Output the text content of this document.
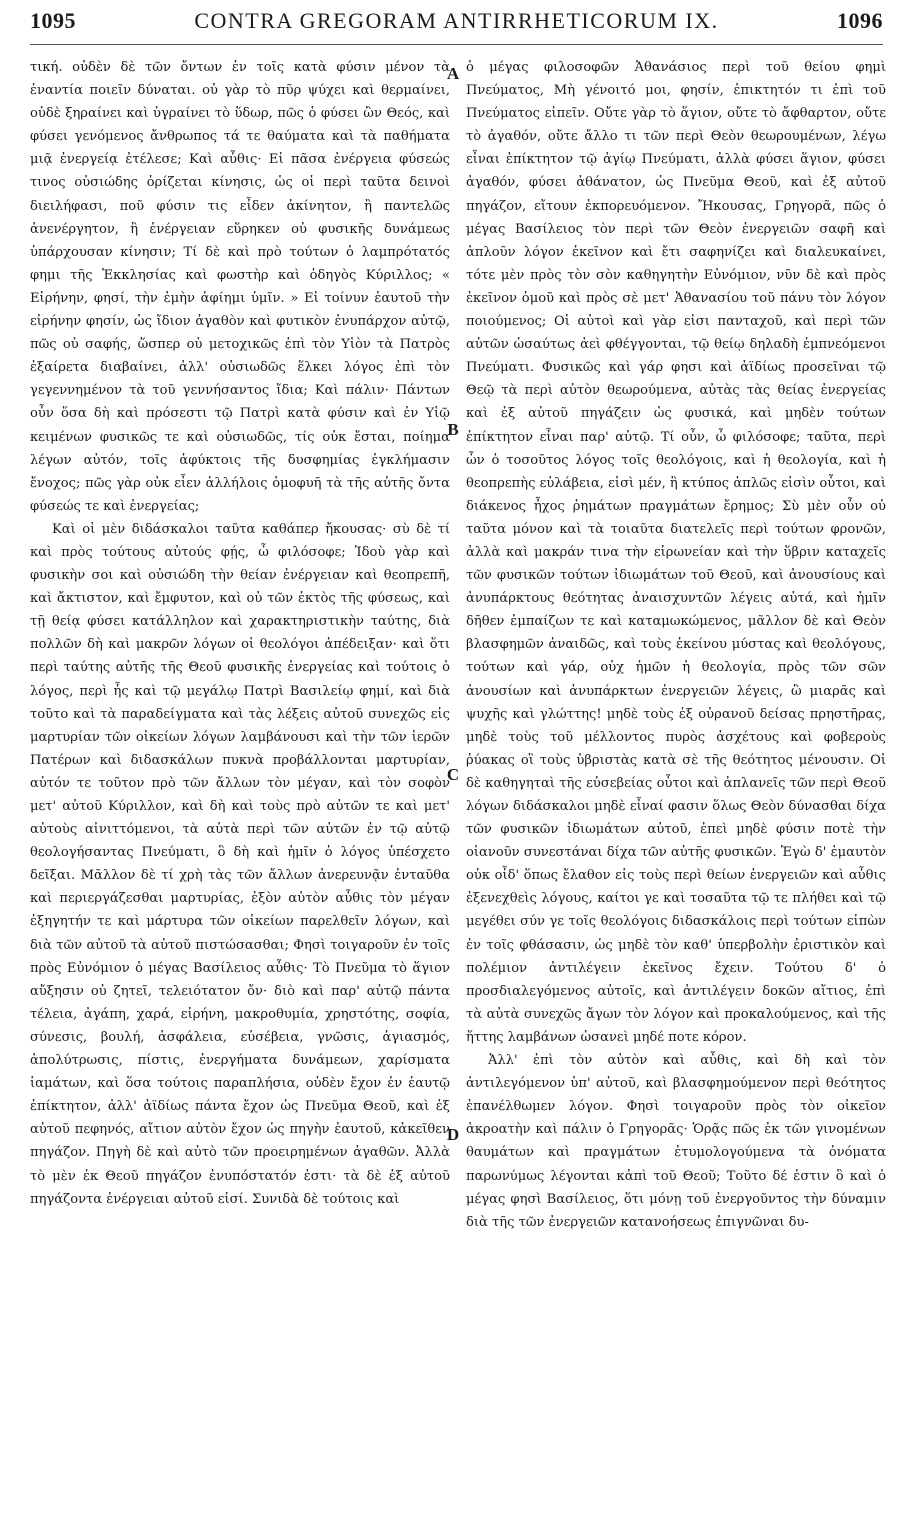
1095	CONTRA GREGORAM ANTIRRHETICORUM IX.	1096

τική. οὐδὲν δὲ τῶν ὄντων ἐν τοῖς κατὰ φύσιν μένον τὰ ἐναντία ποιεῖν δύναται. οὐ γὰρ τὸ πῦρ ψύχει καὶ θερμαίνει, οὐδὲ ξηραίνει καὶ ὑγραίνει τὸ ὕδωρ, πῶς ὁ φύσει ὢν Θεός, καὶ φύσει γενόμενος ἄνθρωπος τά τε θαύματα καὶ τὰ παθήματα μιᾷ ἐνεργείᾳ ἐτέλεσε; Καὶ αὖθις· Εἰ πᾶσα ἐνέργεια φύσεώς τινος οὐσιώδης ὁρίζεται κίνησις, ὡς οἱ περὶ ταῦτα δεινοὶ διειλήφασι, ποῦ φύσιν τις εἶδεν ἀκίνητον, ἢ παντελῶς ἀνενέργητον, ἢ ἐνέργειαν εὕρηκεν οὐ φυσικῆς δυνάμεως ὑπάρχουσαν κίνησιν; Τί δὲ καὶ πρὸ τούτων ὁ λαμπρότατός φημι τῆς Ἐκκλησίας καὶ φωστὴρ καὶ ὁδηγὸς Κύριλλος; « Εἰρήνην, φησί, τὴν ἐμὴν ἀφίημι ὑμῖν. » Εἰ τοίνυν ἑαυτοῦ τὴν εἰρήνην φησίν, ὡς ἴδιον ἀγαθὸν καὶ φυτικὸν ἐνυπάρχον αὐτῷ, πῶς οὐ σαφής, ὥσπερ οὐ μετοχικῶς ἐπὶ τὸν Υἱὸν τὰ Πατρὸς ἐξαίρετα διαβαίνει, ἀλλ' οὐσιωδῶς ἕλκει λόγος ἐπὶ τὸν γεγεννημένον τὰ τοῦ γεννήσαντος ἴδια; Καὶ πάλιν· Πάντων οὖν ὅσα δὴ καὶ πρόσεστι τῷ Πατρὶ κατὰ φύσιν καὶ ἐν Υἱῷ κειμένων φυσικῶς τε καὶ οὐσιωδῶς, τίς οὐκ ἔσται, ποίημα λέγων αὐτόν, τοῖς ἀφύκτοις τῆς δυσφημίας ἐγκλήμασιν ἔνοχος; πῶς γὰρ οὐκ εἶεν ἀλλήλοις ὁμοφυῆ τὰ τῆς αὐτῆς ὄντα φύσεώς τε καὶ ἐνεργείας;

Καὶ οἱ μὲν διδάσκαλοι ταῦτα καθάπερ ἤκουσας· σὺ δὲ τί καὶ πρὸς τούτους αὐτούς φῄς, ὦ φιλόσοφε; Ἰδοὺ γὰρ καὶ φυσικὴν σοι καὶ οὐσιώδη τὴν θείαν ἐνέργειαν καὶ θεοπρεπῆ, καὶ ἄκτιστον, καὶ ἔμφυτον, καὶ οὐ τῶν ἐκτὸς τῆς φύσεως, καὶ τῇ θείᾳ φύσει κατάλληλον καὶ χαρακτηριστικὴν ταύτης, διὰ πολλῶν δὴ καὶ μακρῶν λόγων οἱ θεολόγοι ἀπέδειξαν· καὶ ὅτι περὶ ταύτης αὐτῆς τῆς Θεοῦ φυσικῆς ἐνεργείας καὶ τούτοις ὁ λόγος, περὶ ἧς καὶ τῷ μεγάλῳ Πατρὶ Βασιλείῳ φημί, καὶ διὰ τοῦτο καὶ τὰ παραδείγματα καὶ τὰς λέξεις αὐτοῦ συνεχῶς εἰς μαρτυρίαν τῶν οἰκείων λόγων λαμβάνουσι καὶ τὴν τῶν ἱερῶν Πατέρων καὶ διδασκάλων πυκνὰ προβάλλονται μαρτυρίαν, αὐτόν τε τοῦτον πρὸ τῶν ἄλλων τὸν μέγαν, καὶ τὸν σοφὸν μετ' αὐτοῦ Κύριλλον, καὶ δὴ καὶ τοὺς πρὸ αὐτῶν τε καὶ μετ' αὐτοὺς αἰνιττόμενοι, τὰ αὐτὰ περὶ τῶν αὐτῶν ἐν τῷ αὐτῷ θεολογήσαντας Πνεύματι, ὃ δὴ καὶ ἡμῖν ὁ λόγος ὑπέσχετο δεῖξαι. Μᾶλλον δὲ τί χρὴ τὰς τῶν ἄλλων ἀνερευνᾷν ἐνταῦθα καὶ περιεργάζεσθαι μαρτυρίας, ἐξὸν αὐτὸν αὖθις τὸν μέγαν ἐξηγητήν τε καὶ μάρτυρα τῶν οἰκείων παρελθεῖν λόγων, καὶ διὰ τῶν αὐτοῦ τὰ αὐτοῦ πιστώσασθαι; Φησὶ τοιγαροῦν ἐν τοῖς πρὸς Εὐνόμιον ὁ μέγας Βασίλειος αὖθις· Τὸ Πνεῦμα τὸ ἅγιον αὔξησιν οὐ ζητεῖ, τελειότατον ὄν· διὸ καὶ παρ' αὐτῷ πάντα τέλεια, ἀγάπη, χαρά, εἰρήνη, μακροθυμία, χρηστότης, σοφία, σύνεσις, βουλή, ἀσφάλεια, εὐσέβεια, γνῶσις, ἁγιασμός, ἀπολύτρωσις, πίστις, ἐνεργήματα δυνάμεων, χαρίσματα ἰαμάτων, καὶ ὅσα τούτοις παραπλήσια, οὐδὲν ἔχον ἐν ἑαυτῷ ἐπίκτητον, ἀλλ' ἀϊδίως πάντα ἔχον ὡς Πνεῦμα Θεοῦ, καὶ ἐξ αὐτοῦ πεφηνός, αἴτιον αὐτὸν ἔχον ὡς πηγὴν ἑαυτοῦ, κἀκεῖθεν πηγάζον. Πηγὴ δὲ καὶ αὐτὸ τῶν προειρημένων ἀγαθῶν. Ἀλλὰ τὸ μὲν ἐκ Θεοῦ πηγάζον ἐνυπόστατόν ἐστι· τὰ δὲ ἐξ αὐτοῦ πηγάζοντα ἐνέργειαι αὐτοῦ εἰσί. Συνιδὰ δὲ τούτοις καὶ

A
B
C
D

ὁ μέγας φιλοσοφῶν Ἀθανάσιος περὶ τοῦ θείου φημὶ Πνεύματος, Μὴ γένοιτό μοι, φησίν, ἐπικτητόν τι ἐπὶ τοῦ Πνεύματος εἰπεῖν. Οὔτε γὰρ τὸ ἅγιον, οὔτε τὸ ἄφθαρτον, οὔτε τὸ ἀγαθόν, οὔτε ἄλλο τι τῶν περὶ Θεὸν θεωρουμένων, λέγω εἶναι ἐπίκτητον τῷ ἁγίῳ Πνεύματι, ἀλλὰ φύσει ἅγιον, φύσει ἀγαθόν, φύσει ἀθάνατον, ὡς Πνεῦμα Θεοῦ, καὶ ἐξ αὐτοῦ πηγάζον, εἴτουν ἐκπορευόμενον. Ἤκουσας, Γρηγορᾶ, πῶς ὁ μέγας Βασίλειος τὸν περὶ τῶν Θεὸν ἐνεργειῶν σαφῆ καὶ ἁπλοῦν λόγον ἐκεῖνον καὶ ἔτι σαφηνίζει καὶ διαλευκαίνει, τότε μὲν πρὸς τὸν σὸν καθηγητὴν Εὐνόμιον, νῦν δὲ καὶ πρὸς ἐκεῖνον ὁμοῦ καὶ πρὸς σὲ μετ' Ἀθανασίου τοῦ πάνυ τὸν λόγον ποιούμενος; Οἱ αὐτοὶ καὶ γὰρ εἰσι πανταχοῦ, καὶ περὶ τῶν αὐτῶν ὡσαύτως ἀεὶ φθέγγονται, τῷ θείῳ δηλαδὴ ἐμπνεόμενοι Πνεύματι. Φυσικῶς καὶ γάρ φησι καὶ ἀϊδίως προσεῖναι τῷ Θεῷ τὰ περὶ αὐτὸν θεωρούμενα, αὐτὰς τὰς θείας ἐνεργείας καὶ ἐξ αὐτοῦ πηγάζειν ὡς φυσικά, καὶ μηδὲν τούτων ἐπίκτητον εἶναι παρ' αὐτῷ. Τί οὖν, ὦ φιλόσοφε; ταῦτα, περὶ ὧν ὁ τοσοῦτος λόγος τοῖς θεολόγοις, καὶ ἡ θεολογία, καὶ ἡ θεοπρεπὴς εὐλάβεια, εἰσὶ μέν, ἢ κτύπος ἁπλῶς εἰσὶν οὗτοι, καὶ διάκενος ἦχος ῥημάτων πραγμάτων ἔρημος; Σὺ μὲν οὖν οὐ ταῦτα μόνον καὶ τὰ τοιαῦτα διατελεῖς περὶ τούτων φρονῶν, ἀλλὰ καὶ μακράν τινα τὴν εἰρωνείαν καὶ τὴν ὕβριν καταχεῖς τῶν φυσικῶν τούτων ἰδιωμάτων τοῦ Θεοῦ, καὶ ἀνουσίους καὶ ἀνυπάρκτους θεότητας ἀναισχυντῶν λέγεις αὐτά, καὶ ἡμῖν δῆθεν ἐμπαίζων τε καὶ καταμωκώμενος, μᾶλλον δὲ καὶ Θεὸν βλασφημῶν ἀναιδῶς, καὶ τοὺς ἐκείνου μύστας καὶ θεολόγους, τούτων καὶ γάρ, οὐχ ἡμῶν ἡ θεολογία, πρὸς τῶν σῶν ἀνουσίων καὶ ἀνυπάρκτων ἐνεργειῶν λέγεις, ὢ μιαρᾶς καὶ ψυχῆς καὶ γλώττης! μηδὲ τοὺς ἐξ οὐρανοῦ δείσας πρηστῆρας, μηδὲ τοὺς τοῦ μέλλοντος πυρὸς ἀσχέτους καὶ φοβεροὺς ῥύακας οἳ τοὺς ὑβριστὰς κατὰ σὲ τῆς θεότητος μένουσιν. Οἱ δὲ καθηγηταὶ τῆς εὐσεβείας οὗτοι καὶ ἀπλανεῖς τῶν περὶ Θεοῦ λόγων διδάσκαλοι μηδὲ εἶναί φασιν ὅλως Θεὸν δύνασθαι δίχα τῶν φυσικῶν ἰδιωμάτων αὐτοῦ, ἐπεὶ μηδὲ φύσιν ποτὲ τὴν οἱανοῦν συνεστάναι δίχα τῶν αὐτῆς φυσικῶν. Ἐγὼ δ' ἐμαυτὸν οὐκ οἶδ' ὅπως ἔλαθον εἰς τοὺς περὶ θείων ἐνεργειῶν καὶ αὖθις ἐξενεχθεὶς λόγους, καίτοι γε καὶ τοσαῦτα τῷ τε πλήθει καὶ τῷ μεγέθει σύν γε τοῖς θεολόγοις διδασκάλοις περὶ τούτων εἰπὼν ἐν τοῖς φθάσασιν, ὡς μηδὲ τὸν καθ' ὑπερβολὴν ἐριστικὸν καὶ πολέμιον ἀντιλέγειν ἐκεῖνος ἔχειν. Τούτου δ' ὁ προσδιαλεγόμενος αὐτοῖς, καὶ ἀντιλέγειν δοκῶν αἴτιος, ἐπὶ τὰ αὐτὰ συνεχῶς ἄγων τὸν λόγον καὶ προκαλούμενος, καὶ τῆς ἥττης λαμβάνων ὡσανεὶ μηδέ ποτε κόρον.

Ἀλλ' ἐπὶ τὸν αὐτὸν καὶ αὖθις, καὶ δὴ καὶ τὸν ἀντιλεγόμενον ὑπ' αὐτοῦ, καὶ βλασφημούμενον περὶ θεότητος ἐπανέλθωμεν λόγον. Φησὶ τοιγαροῦν πρὸς τὸν οἰκεῖον ἀκροατὴν καὶ πάλιν ὁ Γρηγορᾶς· Ὁρᾷς πῶς ἐκ τῶν γινομένων θαυμάτων καὶ πραγμάτων ἐτυμολογούμενα τὰ ὀνόματα παρωνύμως λέγονται κἀπὶ τοῦ Θεοῦ; Τοῦτο δέ ἐστιν ὃ καὶ ὁ μέγας φησὶ Βασίλειος, ὅτι μόνῃ τοῦ ἐνεργοῦντος τὴν δύναμιν διὰ τῆς τῶν ἐνεργειῶν κατανοήσεως ἐπιγνῶναι δυ-
